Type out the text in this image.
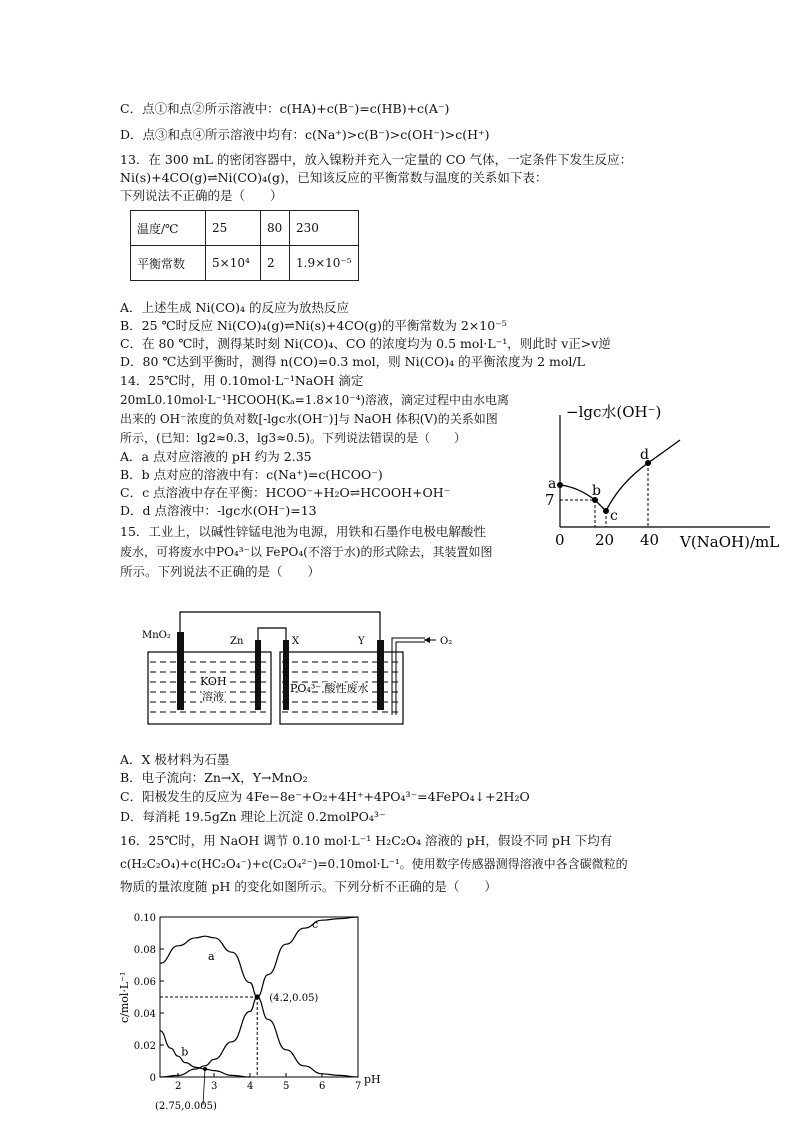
C．点①和点②所示溶液中：c(HA)+c(B⁻)=c(HB)+c(A⁻)
D．点③和点④所示溶液中均有：c(Na⁺)>c(B⁻)>c(OH⁻)>c(H⁺)
13．在 300 mL 的密闭容器中，放入镍粉并充入一定量的 CO 气体，一定条件下发生反应：
Ni(s)+4CO(g)⇌Ni(CO)₄(g)，已知该反应的平衡常数与温度的关系如下表：
下列说法不正确的是（　　）
温度/℃	25	80	230
平衡常数	5×10⁴	2	1.9×10⁻⁵
A．上述生成 Ni(CO)₄ 的反应为放热反应
B．25 ℃时反应 Ni(CO)₄(g)⇌Ni(s)+4CO(g)的平衡常数为 2×10⁻⁵
C．在 80 ℃时，测得某时刻 Ni(CO)₄、CO 的浓度均为 0.5 mol·L⁻¹，则此时 v正>v逆
D．80 ℃达到平衡时，测得 n(CO)=0.3 mol，则 Ni(CO)₄ 的平衡浓度为 2 mol/L
14．25℃时，用 0.10mol·L⁻¹NaOH 滴定
20mL0.10mol·L⁻¹HCOOH(Kₐ=1.8×10⁻⁴)溶液，滴定过程中由水电离
出来的 OH⁻浓度的负对数[-lgc水(OH⁻)]与 NaOH 体积(V)的关系如图
所示，(已知：lg2≈0.3，lg3≈0.5)。下列说法错误的是（　　）
A．a 点对应溶液的 pH 约为 2.35
B．b 点对应的溶液中有：c(Na⁺)=c(HCOO⁻)
C．c 点溶液中存在平衡：HCOO⁻+H₂O⇌HCOOH+OH⁻
D．d 点溶液中：-lgc水(OH⁻)=13
15．工业上，以碱性锌锰电池为电源，用铁和石墨作电极电解酸性
废水，可将废水中PO₄³⁻以 FePO₄(不溶于水)的形式除去，其装置如图
所示。下列说法不正确的是（　　）
−lgc水(OH⁻)
V(NaOH)/mL
0 20 40
7
a	b
c
d
MnO₂
Zn	X	Y	O₂
KOH
溶液
PO₄³⁻ 酸性废水
A．X 极材料为石墨
B．电子流向：Zn→X，Y→MnO₂
C．阳极发生的反应为 4Fe−8e⁻+O₂+4H⁺+4PO₄³⁻=4FePO₄↓+2H₂O
D．每消耗 19.5gZn 理论上沉淀 0.2molPO₄³⁻
16．25℃时，用 NaOH 调节 0.10 mol·L⁻¹ H₂C₂O₄ 溶液的 pH，假设不同 pH 下均有
c(H₂C₂O₄)+c(HC₂O₄⁻)+c(C₂O₄²⁻)=0.10mol·L⁻¹。使用数字传感器测得溶液中各含碳微粒的
物质的量浓度随 pH 的变化如图所示。下列分析不正确的是（　　）
2	3	4	5	6	7
0
0.02
0.04
0.06
0.08
0.10
a
b
c
(4.2,0.05)
(2.75,0.005)
c/mol·L⁻¹
pH
